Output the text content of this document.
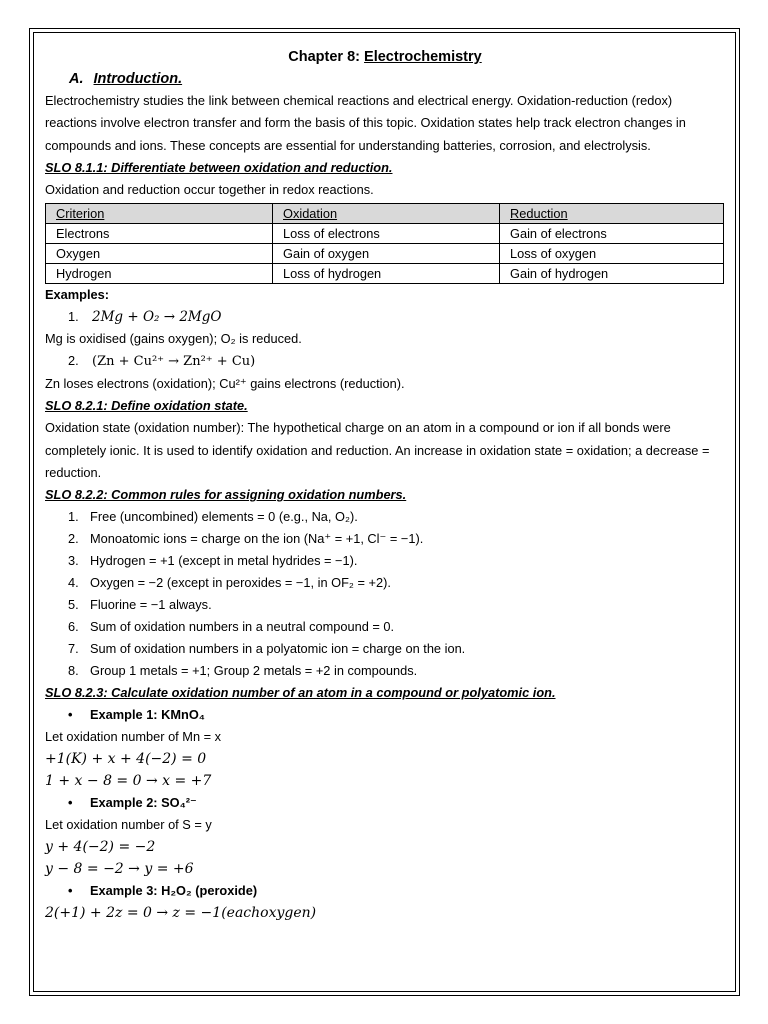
Chapter 8: Electrochemistry
A. Introduction.

Electrochemistry studies the link between chemical reactions and electrical energy. Oxidation-reduction (redox) reactions involve electron transfer and form the basis of this topic. Oxidation states help track electron changes in compounds and ions. These concepts are essential for understanding batteries, corrosion, and electrolysis.

SLO 8.1.1: Differentiate between oxidation and reduction.

Oxidation and reduction occur together in redox reactions.

Criterion	Oxidation	Reduction
Electrons	Loss of electrons	Gain of electrons
Oxygen	Gain of oxygen	Loss of oxygen
Hydrogen	Loss of hydrogen	Gain of hydrogen

Examples:

1. 2Mg + O₂ → 2MgO

Mg is oxidised (gains oxygen); O₂ is reduced.

2. (Zn + Cu²⁺ → Zn²⁺ + Cu)

Zn loses electrons (oxidation); Cu²⁺ gains electrons (reduction).

SLO 8.2.1: Define oxidation state.

Oxidation state (oxidation number): The hypothetical charge on an atom in a compound or ion if all bonds were completely ionic. It is used to identify oxidation and reduction. An increase in oxidation state = oxidation; a decrease = reduction.

SLO 8.2.2: Common rules for assigning oxidation numbers.

1. Free (uncombined) elements = 0 (e.g., Na, O₂).
2. Monoatomic ions = charge on the ion (Na⁺ = +1, Cl⁻ = −1).
3. Hydrogen = +1 (except in metal hydrides = −1).
4. Oxygen = −2 (except in peroxides = −1, in OF₂ = +2).
5. Fluorine = −1 always.
6. Sum of oxidation numbers in a neutral compound = 0.
7. Sum of oxidation numbers in a polyatomic ion = charge on the ion.
8. Group 1 metals = +1; Group 2 metals = +2 in compounds.

SLO 8.2.3: Calculate oxidation number of an atom in a compound or polyatomic ion.

• Example 1: KMnO₄

Let oxidation number of Mn = x

+1(K) + x + 4(−2) = 0

1 + x − 8 = 0 → x = +7

• Example 2: SO₄²⁻

Let oxidation number of S = y

y + 4(−2) = −2

y − 8 = −2 → y = +6

• Example 3: H₂O₂ (peroxide)

2(+1) + 2z = 0 → z = −1(eachoxygen)
